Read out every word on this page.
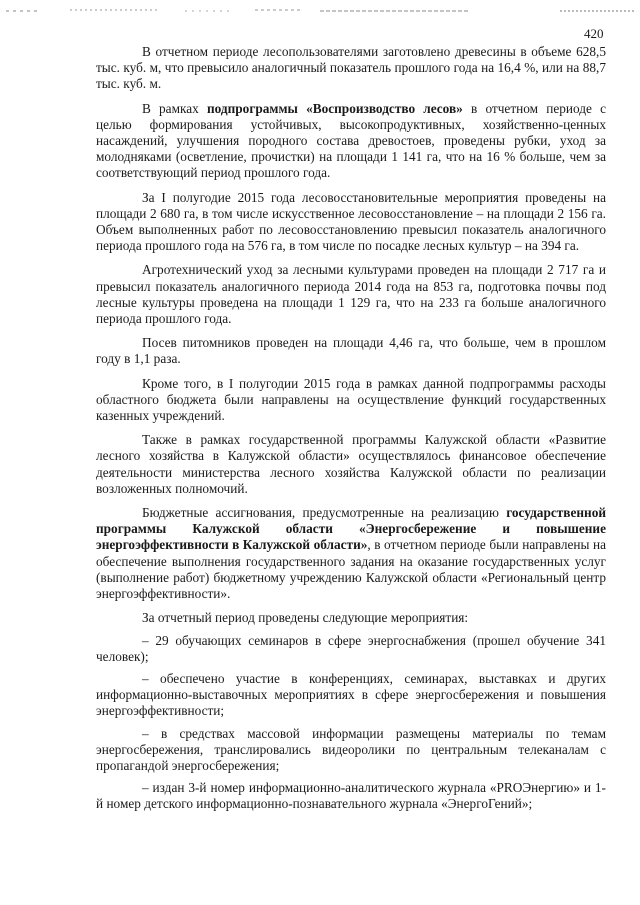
420

В отчетном периоде лесопользователями заготовлено древесины в объеме 628,5 тыс. куб. м, что превысило аналогичный показатель прошлого года на 16,4 %, или на 88,7 тыс. куб. м.

В рамках подпрограммы «Воспроизводство лесов» в отчетном периоде с целью формирования устойчивых, высокопродуктивных, хозяйственно-ценных насаждений, улучшения породного состава древостоев, проведены рубки, уход за молодняками (осветление, прочистки) на площади 1 141 га, что на 16 % больше, чем за соответствующий период прошлого года.

За I полугодие 2015 года лесовосстановительные мероприятия проведены на площади 2 680 га, в том числе искусственное лесовосстановление – на площади 2 156 га. Объем выполненных работ по лесовосстановлению превысил показатель аналогичного периода прошлого года на 576 га, в том числе по посадке лесных культур – на 394 га.

Агротехнический уход за лесными культурами проведен на площади 2 717 га и превысил показатель аналогичного периода 2014 года на 853 га, подготовка почвы под лесные культуры проведена на площади 1 129 га, что на 233 га больше аналогичного периода прошлого года.

Посев питомников проведен на площади 4,46 га, что больше, чем в прошлом году в 1,1 раза.

Кроме того, в I полугодии 2015 года в рамках данной подпрограммы расходы областного бюджета были направлены на осуществление функций государственных казенных учреждений.

Также в рамках государственной программы Калужской области «Развитие лесного хозяйства в Калужской области» осуществлялось финансовое обеспечение деятельности министерства лесного хозяйства Калужской области по реализации возложенных полномочий.

Бюджетные ассигнования, предусмотренные на реализацию государственной программы Калужской области «Энергосбережение и повышение энергоэффективности в Калужской области», в отчетном периоде были направлены на обеспечение выполнения государственного задания на оказание государственных услуг (выполнение работ) бюджетному учреждению Калужской области «Региональный центр энергоэффективности».

За отчетный период проведены следующие мероприятия:

– 29 обучающих семинаров в сфере энергоснабжения (прошел обучение 341 человек);

– обеспечено участие в конференциях, семинарах, выставках и других информационно-выставочных мероприятиях в сфере энергосбережения и повышения энергоэффективности;

– в средствах массовой информации размещены материалы по темам энергосбережения, транслировались видеоролики по центральным телеканалам с пропагандой энергосбережения;

– издан 3-й номер информационно-аналитического журнала «PROЭнергию» и 1-й номер детского информационно-познавательного журнала «ЭнергоГений»;
